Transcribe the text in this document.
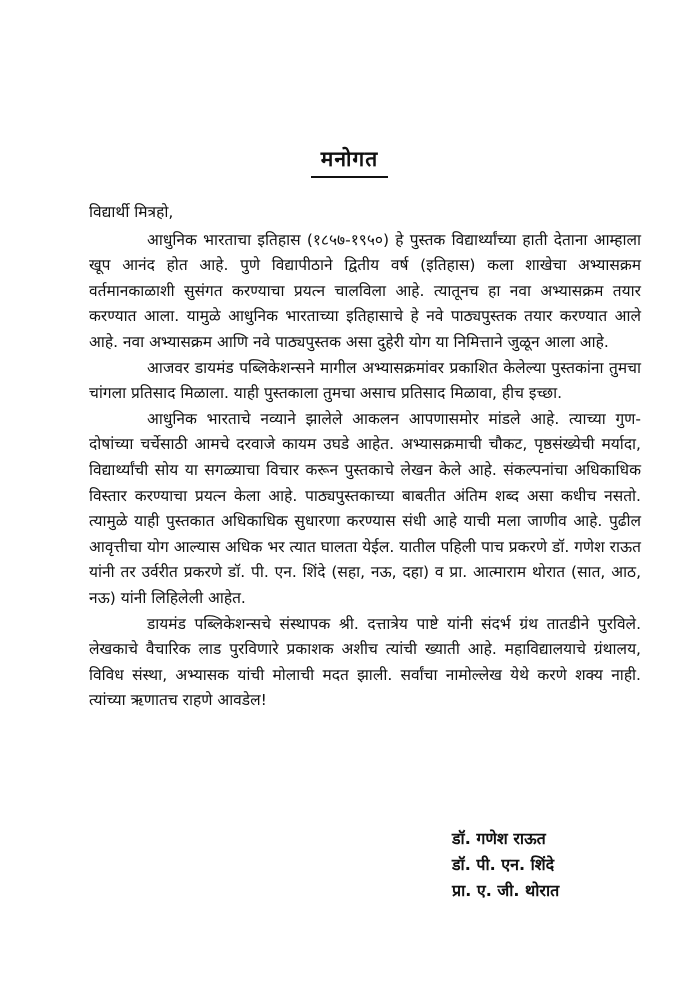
मनोगत

विद्यार्थी मित्रहो,

आधुनिक भारताचा इतिहास (१८५७-१९५०) हे पुस्तक विद्यार्थ्यांच्या हाती देताना आम्हाला खूप आनंद होत आहे. पुणे विद्यापीठाने द्वितीय वर्ष (इतिहास) कला शाखेचा अभ्यासक्रम वर्तमानकाळाशी सुसंगत करण्याचा प्रयत्न चालविला आहे. त्यातूनच हा नवा अभ्यासक्रम तयार करण्यात आला. यामुळे आधुनिक भारताच्या इतिहासाचे हे नवे पाठ्यपुस्तक तयार करण्यात आले आहे. नवा अभ्यासक्रम आणि नवे पाठ्यपुस्तक असा दुहेरी योग या निमित्ताने जुळून आला आहे.

आजवर डायमंड पब्लिकेशन्सने मागील अभ्यासक्रमांवर प्रकाशित केलेल्या पुस्तकांना तुमचा चांगला प्रतिसाद मिळाला. याही पुस्तकाला तुमचा असाच प्रतिसाद मिळावा, हीच इच्छा.

आधुनिक भारताचे नव्याने झालेले आकलन आपणासमोर मांडले आहे. त्याच्या गुण-दोषांच्या चर्चेसाठी आमचे दरवाजे कायम उघडे आहेत. अभ्यासक्रमाची चौकट, पृष्ठसंख्येची मर्यादा, विद्यार्थ्यांची सोय या सगळ्याचा विचार करून पुस्तकाचे लेखन केले आहे. संकल्पनांचा अधिकाधिक विस्तार करण्याचा प्रयत्न केला आहे. पाठ्यपुस्तकाच्या बाबतीत अंतिम शब्द असा कधीच नसतो. त्यामुळे याही पुस्तकात अधिकाधिक सुधारणा करण्यास संधी आहे याची मला जाणीव आहे. पुढील आवृत्तीचा योग आल्यास अधिक भर त्यात घालता येईल. यातील पहिली पाच प्रकरणे डॉ. गणेश राऊत यांनी तर उर्वरीत प्रकरणे डॉ. पी. एन. शिंदे (सहा, नऊ, दहा) व प्रा. आत्माराम थोरात (सात, आठ, नऊ) यांनी लिहिलेली आहेत.

डायमंड पब्लिकेशन्सचे संस्थापक श्री. दत्तात्रेय पाष्टे यांनी संदर्भ ग्रंथ तातडीने पुरविले. लेखकाचे वैचारिक लाड पुरविणारे प्रकाशक अशीच त्यांची ख्याती आहे. महाविद्यालयाचे ग्रंथालय, विविध संस्था, अभ्यासक यांची मोलाची मदत झाली. सर्वांचा नामोल्लेख येथे करणे शक्य नाही. त्यांच्या ऋणातच राहणे आवडेल!

डॉ. गणेश राऊत
डॉ. पी. एन. शिंदे
प्रा. ए. जी. थोरात
